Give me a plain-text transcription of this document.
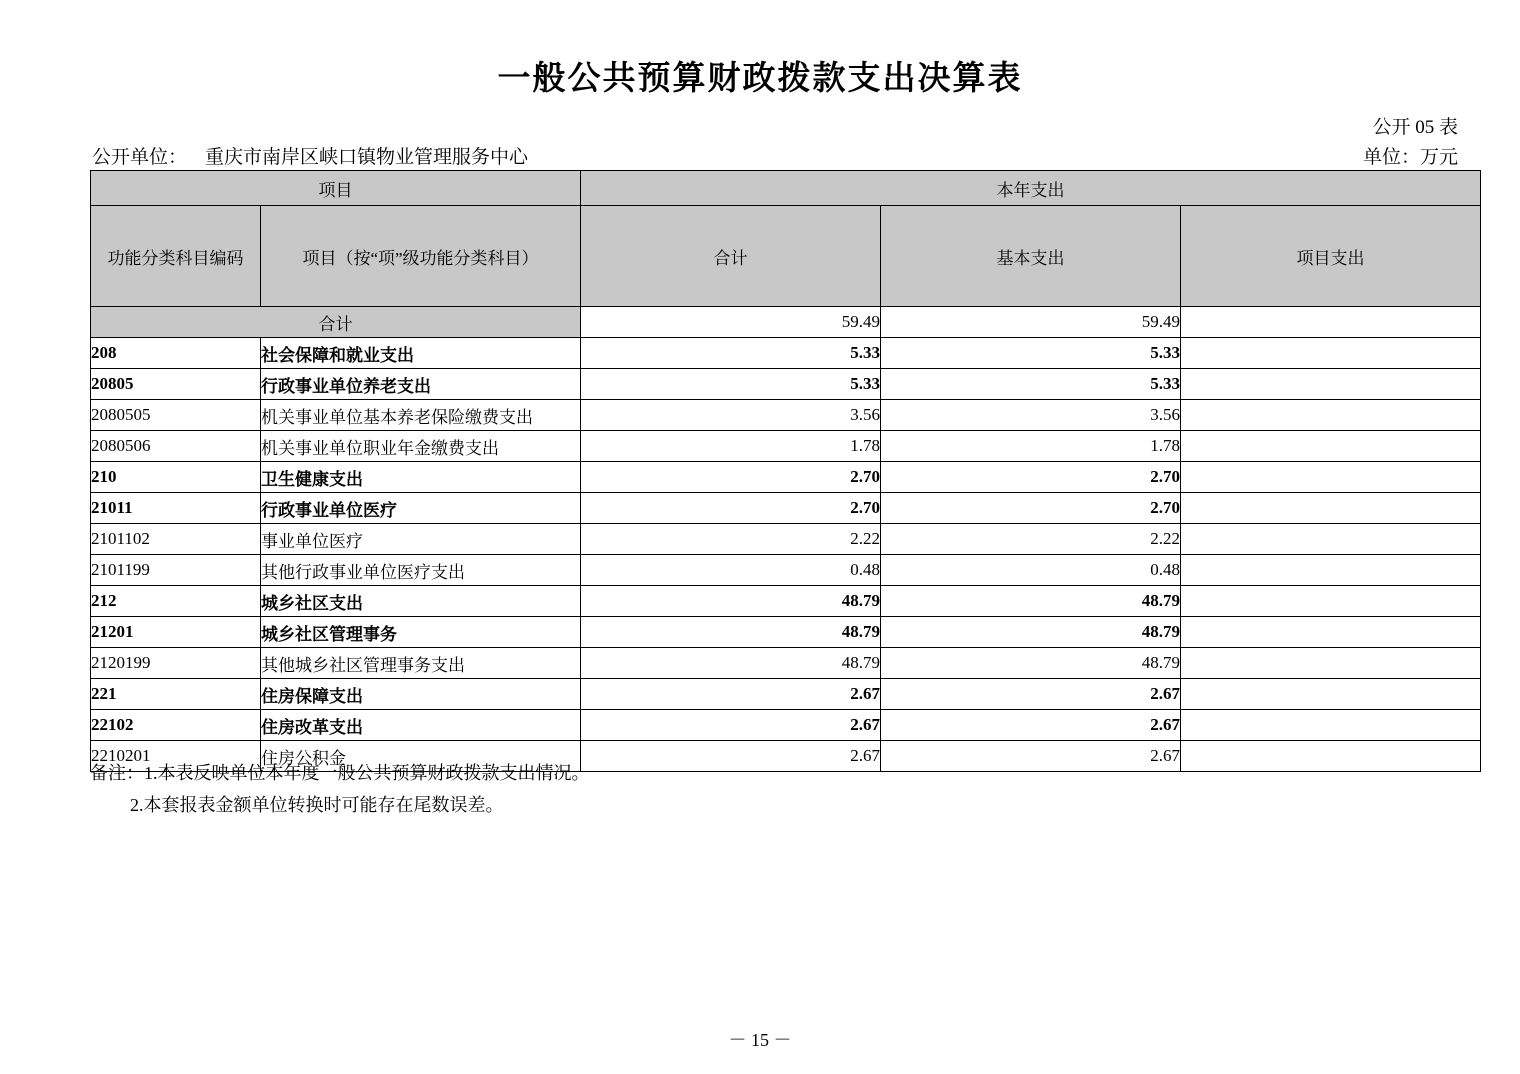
一般公共预算财政拨款支出决算表
公开 05 表
公开单位： 重庆市南岸区峡口镇物业管理服务中心	单位：万元
项目		本年支出		
功能分类科目编码	项目（按“项”级功能分类科目）	合计	基本支出	项目支出
合计		59.49	59.49	
208	社会保障和就业支出	5.33	5.33	
20805	行政事业单位养老支出	5.33	5.33	
2080505	机关事业单位基本养老保险缴费支出	3.56	3.56	
2080506	机关事业单位职业年金缴费支出	1.78	1.78	
210	卫生健康支出	2.70	2.70	
21011	行政事业单位医疗	2.70	2.70	
2101102	事业单位医疗	2.22	2.22	
2101199	其他行政事业单位医疗支出	0.48	0.48	
212	城乡社区支出	48.79	48.79	
21201	城乡社区管理事务	48.79	48.79	
2120199	其他城乡社区管理事务支出	48.79	48.79	
221	住房保障支出	2.67	2.67	
22102	住房改革支出	2.67	2.67	
2210201	住房公积金	2.67	2.67	
备注：1.本表反映单位本年度一般公共预算财政拨款支出情况。
2.本套报表金额单位转换时可能存在尾数误差。
－ 15 －
